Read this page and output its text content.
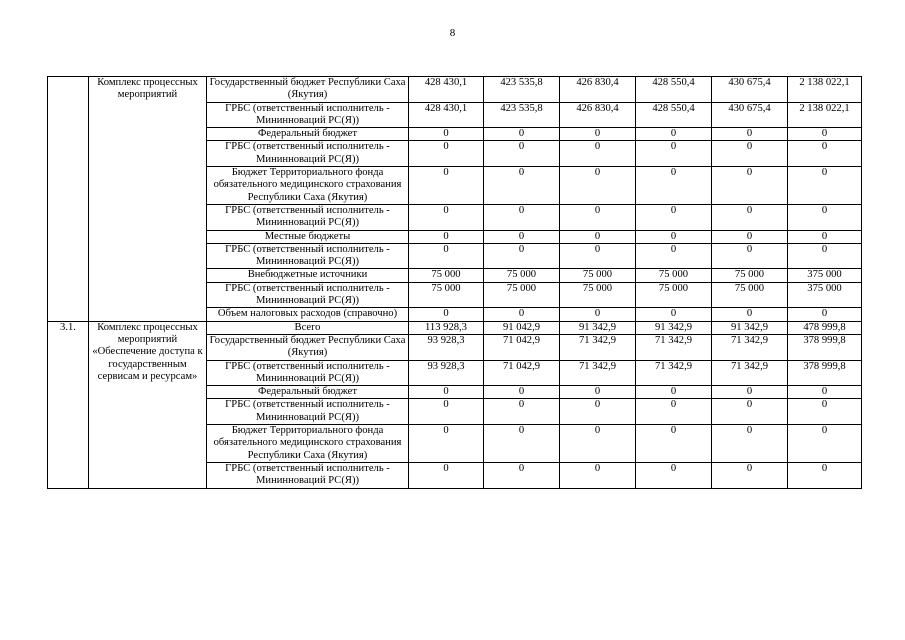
8
	Комплекс процессных мероприятий	Государственный бюджет Республики Саха (Якутия)	428 430,1	423 535,8	426 830,4	428 550,4	430 675,4	2 138 022,1
		ГРБС (ответственный исполнитель - Мининноваций РС(Я))	428 430,1	423 535,8	426 830,4	428 550,4	430 675,4	2 138 022,1
		Федеральный бюджет	0	0	0	0	0	0
		ГРБС (ответственный исполнитель - Мининноваций РС(Я))	0	0	0	0	0	0
		Бюджет Территориального фонда обязательного медицинского страхования Республики Саха (Якутия)	0	0	0	0	0	0
		ГРБС (ответственный исполнитель - Мининноваций РС(Я))	0	0	0	0	0	0
		Местные бюджеты	0	0	0	0	0	0
		ГРБС (ответственный исполнитель - Мининноваций РС(Я))	0	0	0	0	0	0
		Внебюджетные источники	75 000	75 000	75 000	75 000	75 000	375 000
		ГРБС (ответственный исполнитель - Мининноваций РС(Я))	75 000	75 000	75 000	75 000	75 000	375 000
		Объем налоговых расходов (справочно)	0	0	0	0	0	0
3.1.	Комплекс процессных мероприятий «Обеспечение доступа к государственным сервисам и ресурсам»	Всего	113 928,3	91 042,9	91 342,9	91 342,9	91 342,9	478 999,8
		Государственный бюджет Республики Саха (Якутия)	93 928,3	71 042,9	71 342,9	71 342,9	71 342,9	378 999,8
		ГРБС (ответственный исполнитель - Мининноваций РС(Я))	93 928,3	71 042,9	71 342,9	71 342,9	71 342,9	378 999,8
		Федеральный бюджет	0	0	0	0	0	0
		ГРБС (ответственный исполнитель - Мининноваций РС(Я))	0	0	0	0	0	0
		Бюджет Территориального фонда обязательного медицинского страхования Республики Саха (Якутия)	0	0	0	0	0	0
		ГРБС (ответственный исполнитель - Мининноваций РС(Я))	0	0	0	0	0	0
